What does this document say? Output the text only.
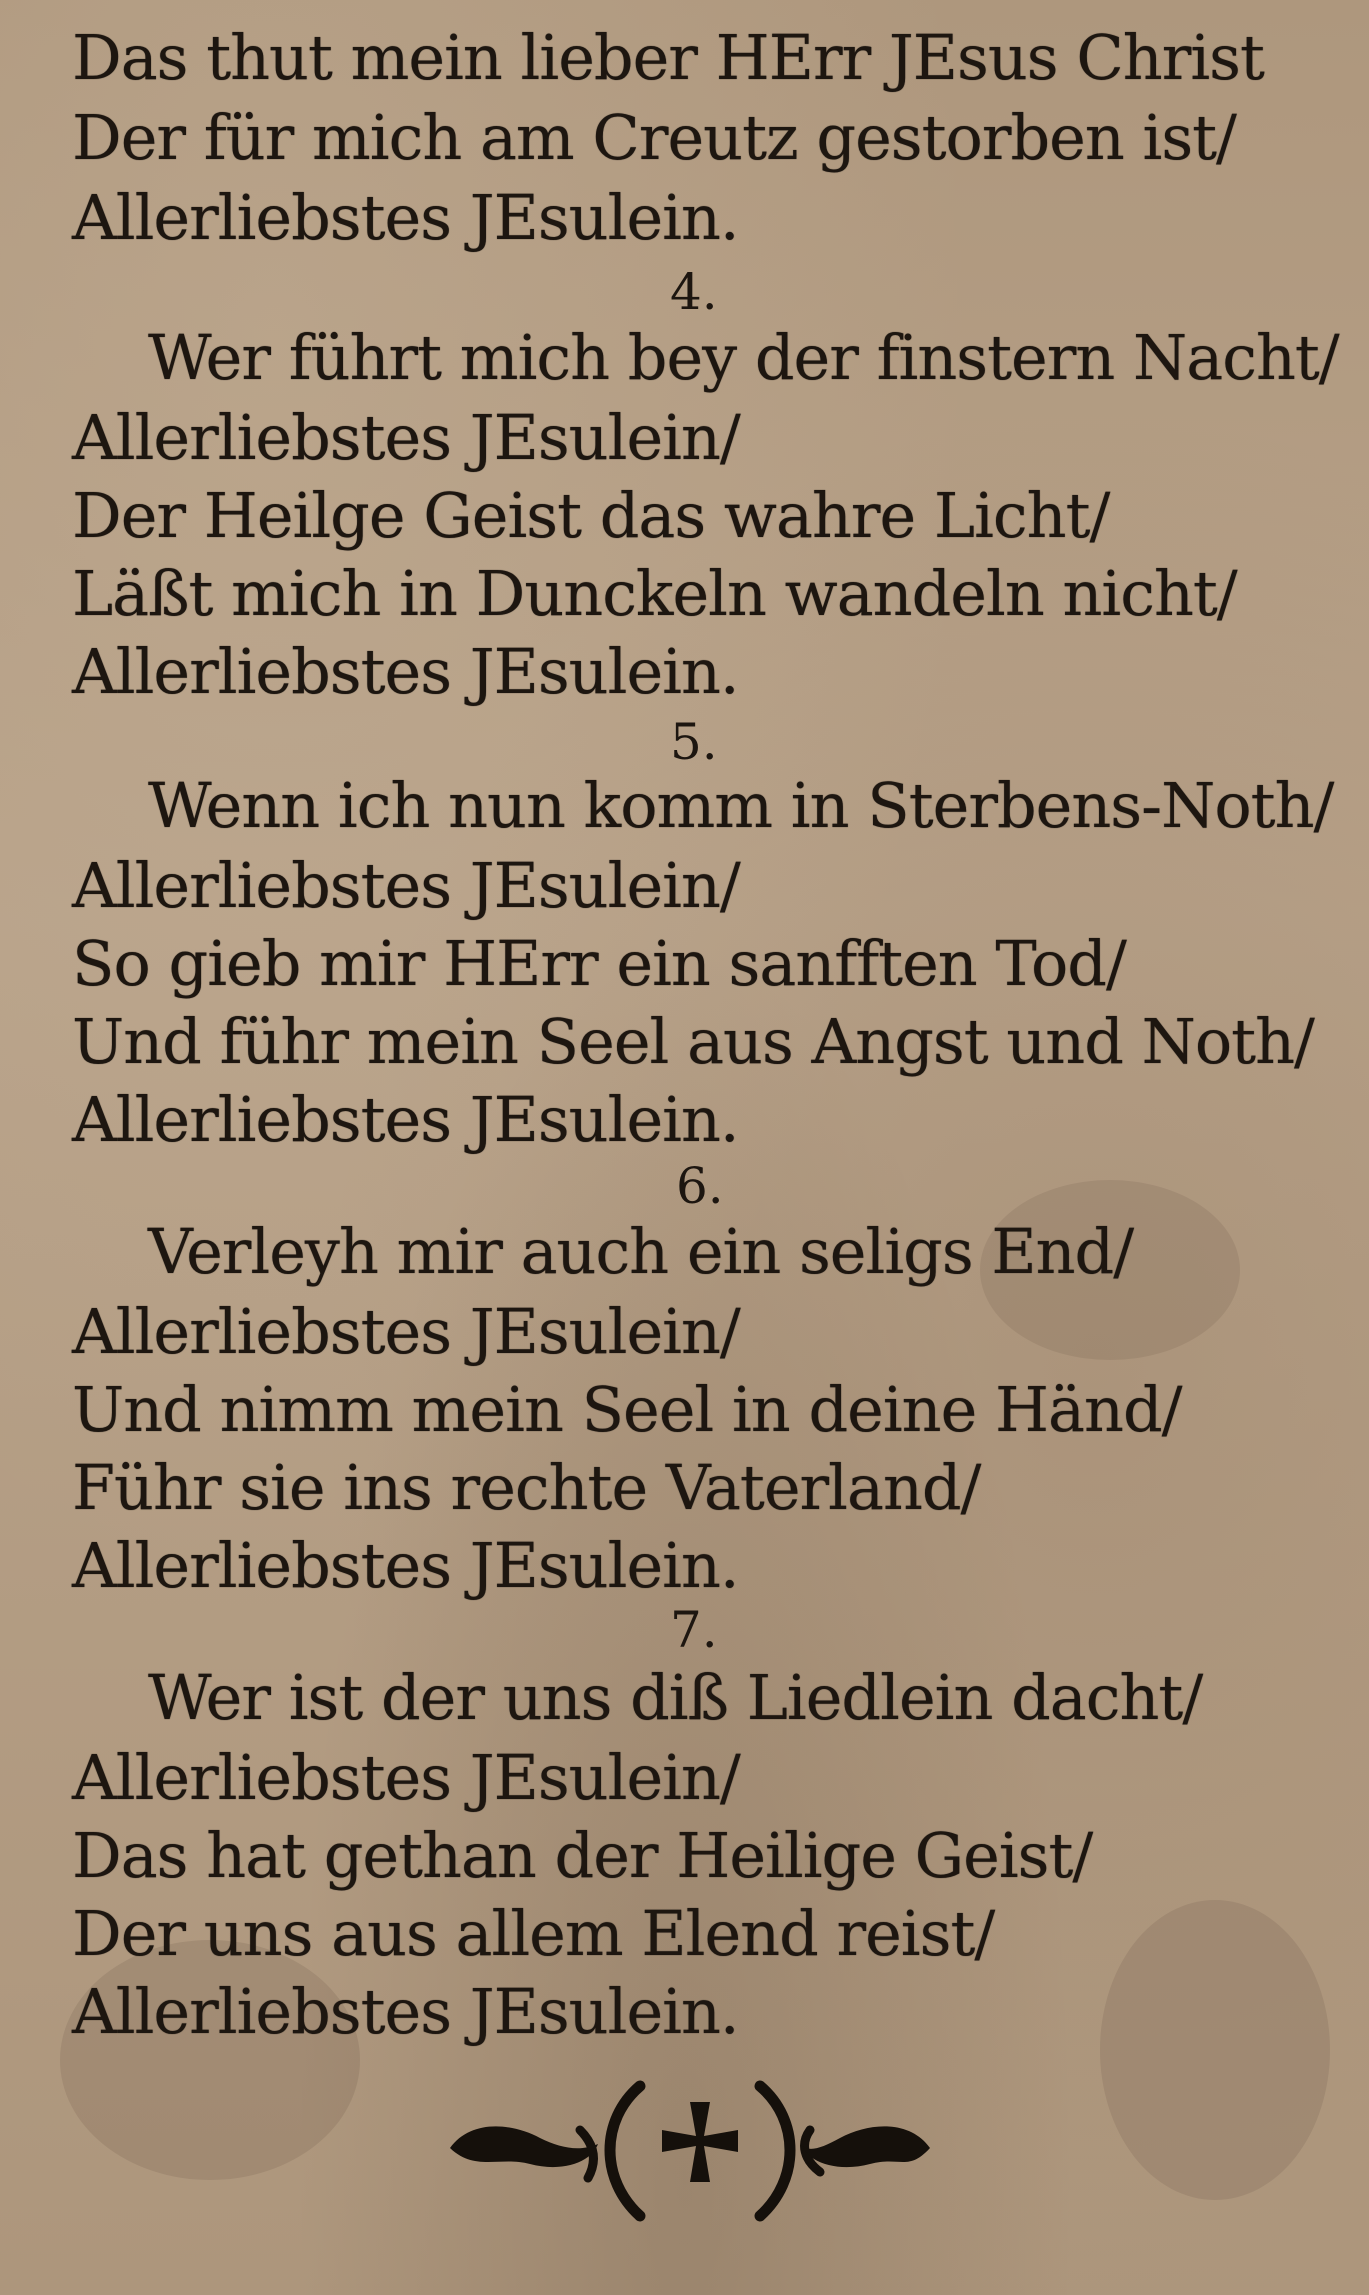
Das thut mein lieber HErr JEsus Christ
Der für mich am Creutz gestorben ist/
Allerliebstes JEsulein.
4.
Wer führt mich bey der finstern Nacht/
Allerliebstes JEsulein/
Der Heilge Geist das wahre Licht/
Läßt mich in Dunckeln wandeln nicht/
Allerliebstes JEsulein.
5.
Wenn ich nun komm in Sterbens-Noth/
Allerliebstes JEsulein/
So gieb mir HErr ein sanfften Tod/
Und führ mein Seel aus Angst und Noth/
Allerliebstes JEsulein.
6.
Verleyh mir auch ein seligs End/
Allerliebstes JEsulein/
Und nimm mein Seel in deine Händ/
Führ sie ins rechte Vaterland/
Allerliebstes JEsulein.
7.
Wer ist der uns diß Liedlein dacht/
Allerliebstes JEsulein/
Das hat gethan der Heilige Geist/
Der uns aus allem Elend reist/
Allerliebstes JEsulein.
